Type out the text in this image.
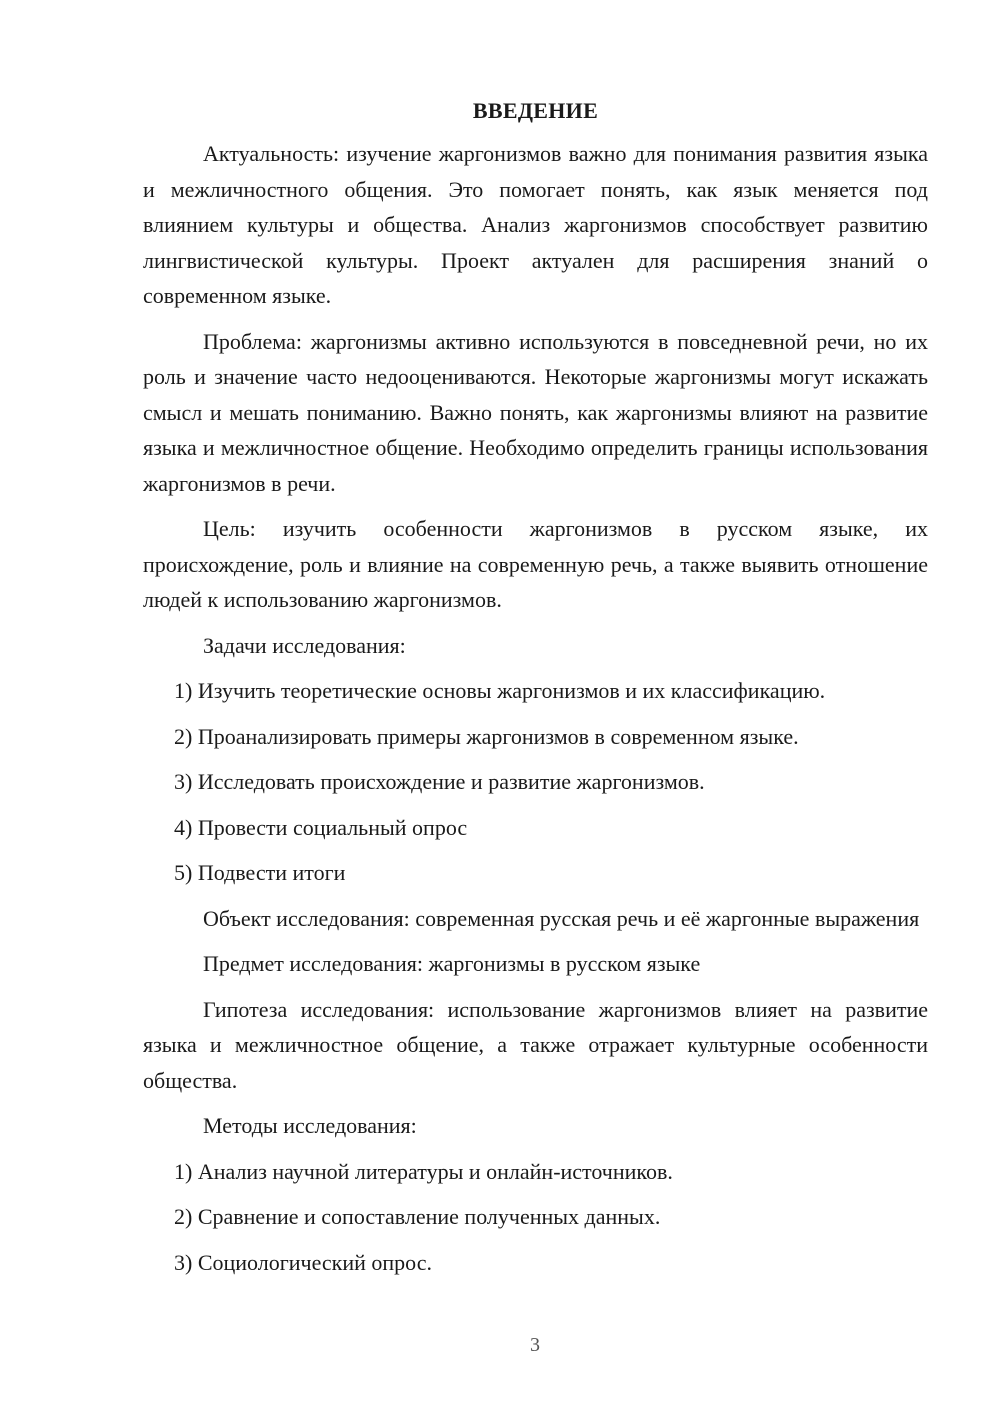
ВВЕДЕНИЕ

Актуальность: изучение жаргонизмов важно для понимания развития языка и межличностного общения. Это помогает понять, как язык меняется под влиянием культуры и общества. Анализ жаргонизмов способствует развитию лингвистической культуры. Проект актуален для расширения знаний о современном языке.

Проблема: жаргонизмы активно используются в повседневной речи, но их роль и значение часто недооцениваются. Некоторые жаргонизмы могут искажать смысл и мешать пониманию. Важно понять, как жаргонизмы влияют на развитие языка и межличностное общение. Необходимо определить границы использования жаргонизмов в речи.

Цель: изучить особенности жаргонизмов в русском языке, их происхождение, роль и влияние на современную речь, а также выявить отношение людей к использованию жаргонизмов.

Задачи исследования:

1) Изучить теоретические основы жаргонизмов и их классификацию.

2) Проанализировать примеры жаргонизмов в современном языке.

3) Исследовать происхождение и развитие жаргонизмов.

4) Провести социальный опрос

5) Подвести итоги

Объект исследования: современная русская речь и её жаргонные выражения

Предмет исследования: жаргонизмы в русском языке

Гипотеза исследования: использование жаргонизмов влияет на развитие языка и межличностное общение, а также отражает культурные особенности общества.

Методы исследования:

1) Анализ научной литературы и онлайн-источников.

2) Сравнение и сопоставление полученных данных.

3) Социологический опрос.

3
